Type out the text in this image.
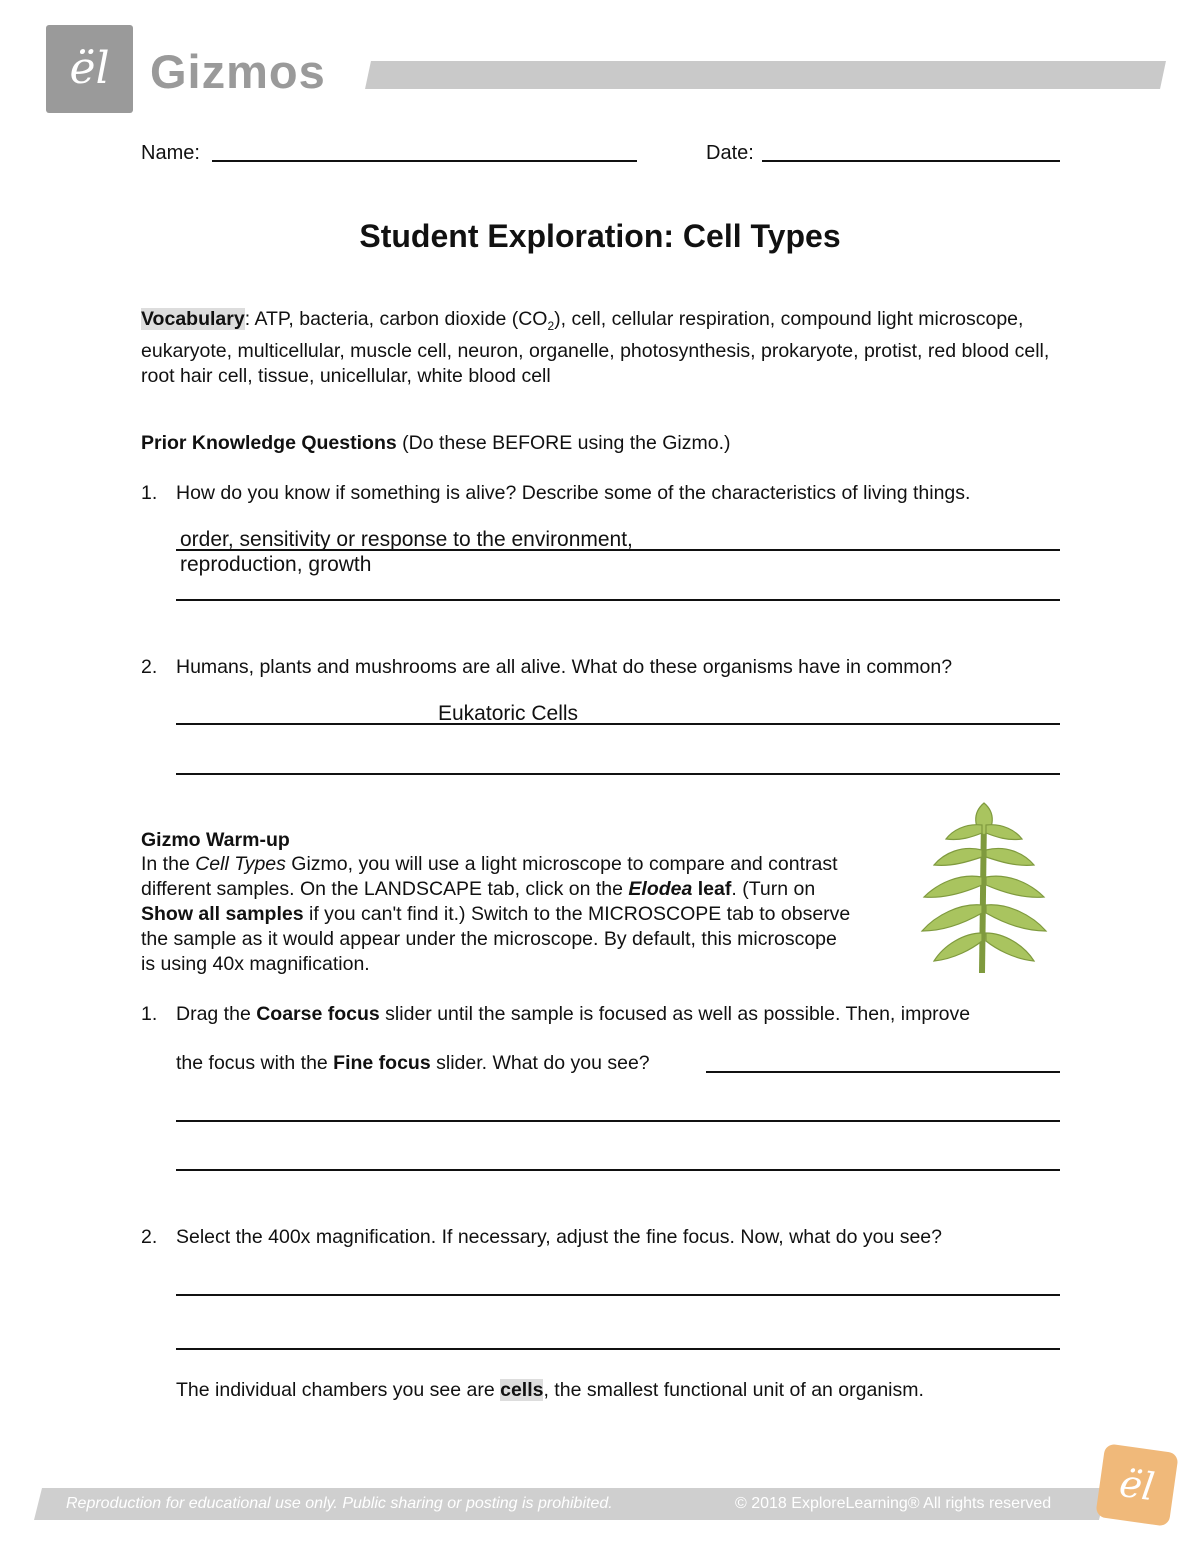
ël Gizmos
Name:	Date:
Student Exploration: Cell Types
Vocabulary: ATP, bacteria, carbon dioxide $(CO_2)$, cell, cellular respiration, compound light microscope, eukaryote, multicellular, muscle cell, neuron, organelle, photosynthesis, prokaryote, protist, red blood cell, root hair cell, tissue, unicellular, white blood cell
Prior Knowledge Questions (Do these BEFORE using the Gizmo.)
1. How do you know if something is alive? Describe some of the characteristics of living things.
order, sensitivity or response to the environment,
reproduction, growth
2. Humans, plants and mushrooms are all alive. What do these organisms have in common?
Eukatoric Cells
Gizmo Warm-up
In the Cell Types Gizmo, you will use a light microscope to compare and contrast different samples. On the LANDSCAPE tab, click on the Elodea leaf. (Turn on Show all samples if you can't find it.) Switch to the MICROSCOPE tab to observe the sample as it would appear under the microscope. By default, this microscope is using 40x magnification.
1. Drag the Coarse focus slider until the sample is focused as well as possible. Then, improve
the focus with the Fine focus slider. What do you see?
2. Select the 400x magnification. If necessary, adjust the fine focus. Now, what do you see?
The individual chambers you see are cells, the smallest functional unit of an organism.
Reproduction for educational use only. Public sharing or posting is prohibited.	© 2018 ExploreLearning® All rights reserved	ël
